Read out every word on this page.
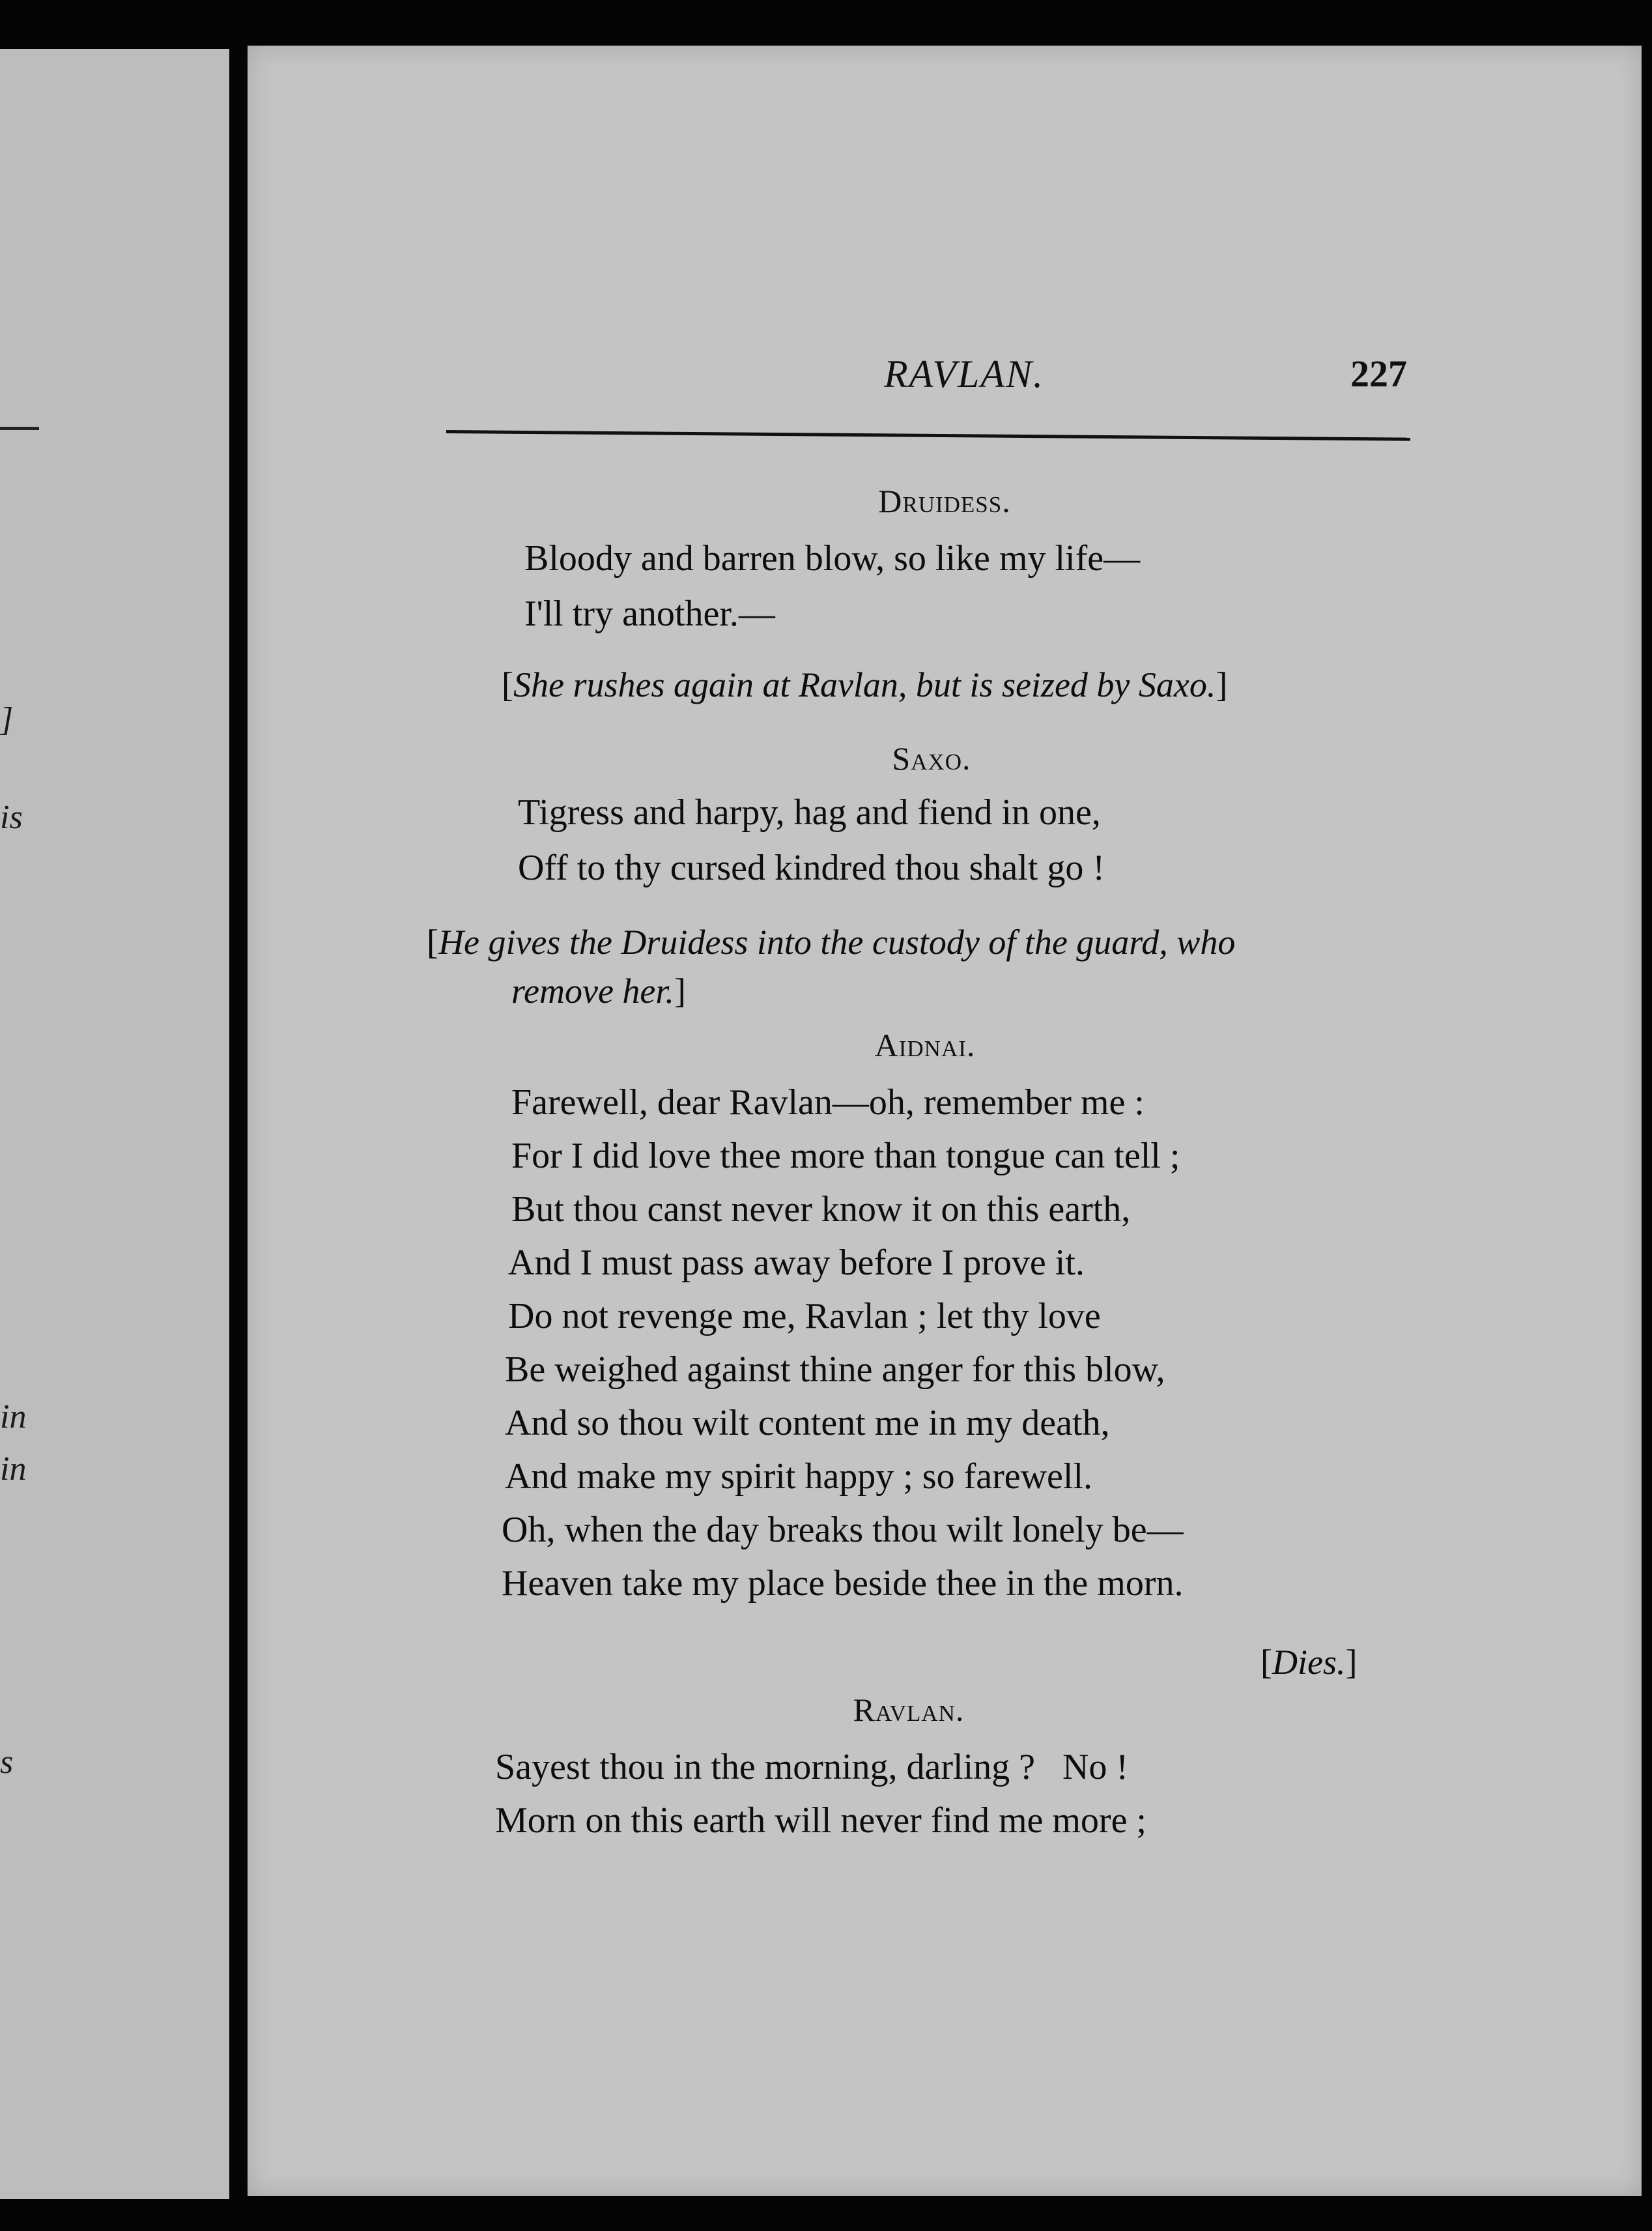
]
is
in
in
s
RAVLAN.	227
Druidess.
Bloody and barren blow, so like my life—
I'll try another.—
[She rushes again at Ravlan, but is seized by Saxo.]
Saxo.
Tigress and harpy, hag and fiend in one,
Off to thy cursed kindred thou shalt go !
[He gives the Druidess into the custody of the guard, who
remove her.]
Aidnai.
Farewell, dear Ravlan—oh, remember me :
For I did love thee more than tongue can tell ;
But thou canst never know it on this earth,
And I must pass away before I prove it.
Do not revenge me, Ravlan ; let thy love
Be weighed against thine anger for this blow,
And so thou wilt content me in my death,
And make my spirit happy ; so farewell.
Oh, when the day breaks thou wilt lonely be—
Heaven take my place beside thee in the morn.
[Dies.]
Ravlan.
Sayest thou in the morning, darling ?   No !
Morn on this earth will never find me more ;
